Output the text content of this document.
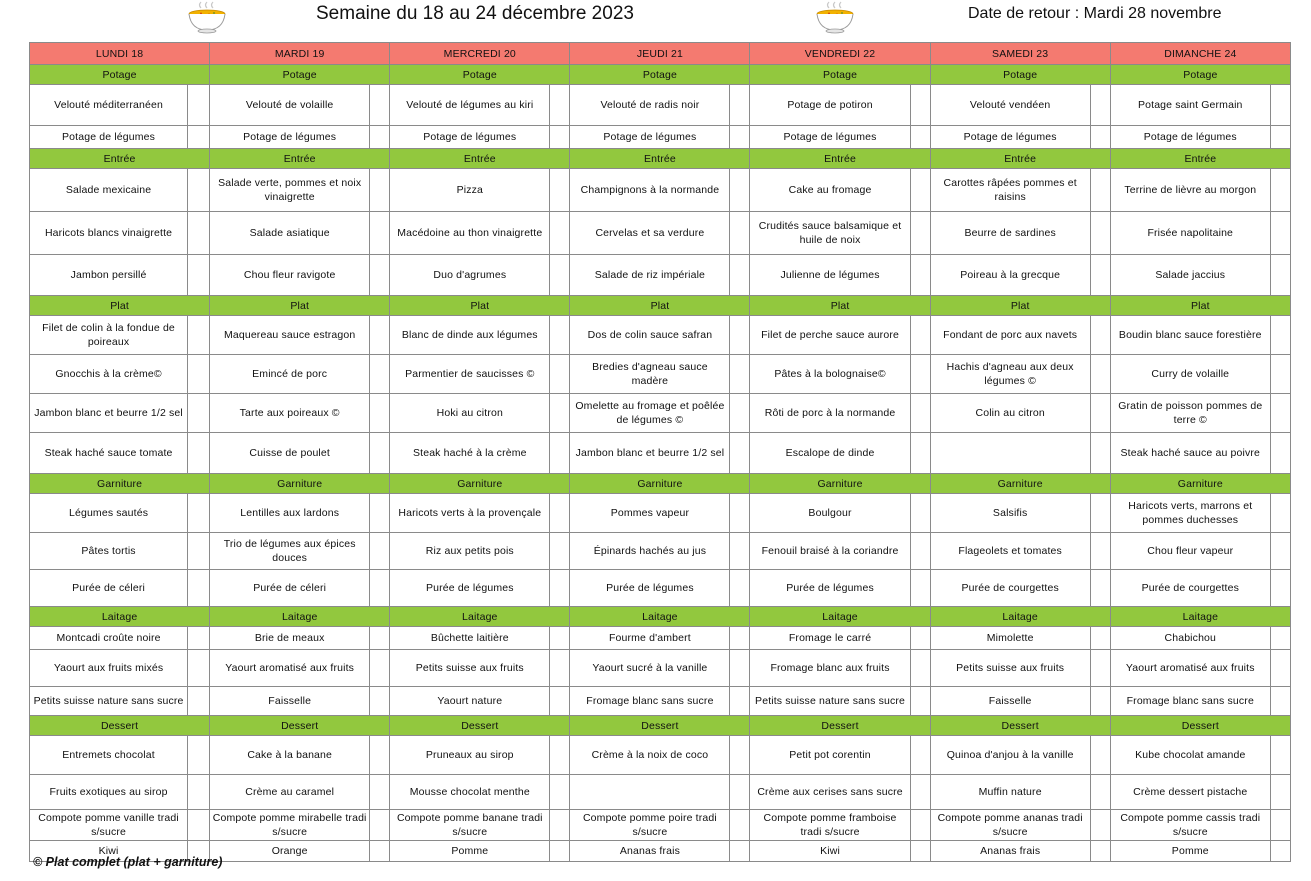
Semaine du 18 au 24 décembre 2023	Date de retour : Mardi 28 novembre
LUNDI 18		MARDI 19		MERCREDI 20		JEUDI 21		VENDREDI 22		SAMEDI 23		DIMANCHE 24	
Potage		Potage		Potage		Potage		Potage		Potage		Potage	
Velouté méditerranéen		Velouté de volaille		Velouté de légumes au kiri		Velouté de radis noir		Potage de potiron		Velouté vendéen		Potage saint Germain	
Potage de légumes		Potage de légumes		Potage de légumes		Potage de légumes		Potage de légumes		Potage de légumes		Potage de légumes	
Entrée		Entrée		Entrée		Entrée		Entrée		Entrée		Entrée	
Salade mexicaine		Salade verte, pommes et noix vinaigrette		Pizza		Champignons à la normande		Cake au fromage		Carottes râpées pommes et raisins		Terrine de lièvre au morgon	
Haricots blancs vinaigrette		Salade asiatique		Macédoine au thon vinaigrette		Cervelas et sa verdure		Crudités sauce balsamique et huile de noix		Beurre de sardines		Frisée napolitaine	
Jambon persillé		Chou fleur ravigote		Duo d'agrumes		Salade de riz impériale		Julienne de légumes		Poireau à la grecque		Salade jaccius	
Plat		Plat		Plat		Plat		Plat		Plat		Plat	
Filet de colin à la fondue de poireaux		Maquereau sauce estragon		Blanc de dinde aux légumes		Dos de colin sauce safran		Filet de perche sauce aurore		Fondant de porc aux navets		Boudin blanc sauce forestière	
Gnocchis à la crème©		Emincé de porc		Parmentier de saucisses ©		Bredies d'agneau sauce madère		Pâtes à la bolognaise©		Hachis d'agneau aux deux légumes ©		Curry de volaille	
Jambon blanc et beurre 1/2 sel		Tarte aux poireaux ©		Hoki au citron		Omelette au fromage et poêlée de légumes ©		Rôti de porc à la normande		Colin au citron		Gratin de poisson pommes de terre ©	
Steak haché sauce tomate		Cuisse de poulet		Steak haché à la crème		Jambon blanc et beurre 1/2 sel		Escalope de dinde				Steak haché sauce au poivre	
Garniture		Garniture		Garniture		Garniture		Garniture		Garniture		Garniture	
Légumes sautés		Lentilles aux lardons		Haricots verts à la provençale		Pommes vapeur		Boulgour		Salsifis		Haricots verts, marrons et pommes duchesses	
Pâtes tortis		Trio de légumes aux épices douces		Riz aux petits pois		Épinards hachés au jus		Fenouil braisé à la coriandre		Flageolets et tomates		Chou fleur vapeur	
Purée de céleri		Purée de céleri		Purée de légumes		Purée de légumes		Purée de légumes		Purée de courgettes		Purée de courgettes	
Laitage		Laitage		Laitage		Laitage		Laitage		Laitage		Laitage	
Montcadi croûte noire		Brie de meaux		Bûchette laitière		Fourme d'ambert		Fromage le carré		Mimolette		Chabichou	
Yaourt aux fruits mixés		Yaourt aromatisé aux fruits		Petits suisse aux fruits		Yaourt sucré à la vanille		Fromage blanc aux fruits		Petits suisse aux fruits		Yaourt aromatisé aux fruits	
Petits suisse nature sans sucre		Faisselle		Yaourt nature		Fromage blanc sans sucre		Petits suisse nature sans sucre		Faisselle		Fromage blanc sans sucre	
Dessert		Dessert		Dessert		Dessert		Dessert		Dessert		Dessert	
Entremets chocolat		Cake à la banane		Pruneaux au sirop		Crème à la noix de coco		Petit pot corentin		Quinoa d'anjou à la vanille		Kube chocolat amande	
Fruits exotiques au sirop		Crème au caramel		Mousse chocolat menthe				Crème aux cerises sans sucre		Muffin nature		Crème dessert pistache	
Compote pomme vanille tradi s/sucre		Compote pomme mirabelle tradi s/sucre		Compote pomme banane tradi s/sucre		Compote pomme poire tradi s/sucre		Compote pomme framboise tradi s/sucre		Compote pomme ananas tradi s/sucre		Compote pomme cassis tradi s/sucre	
Kiwi		Orange		Pomme		Ananas frais		Kiwi		Ananas frais		Pomme	
© Plat complet (plat + garniture)
